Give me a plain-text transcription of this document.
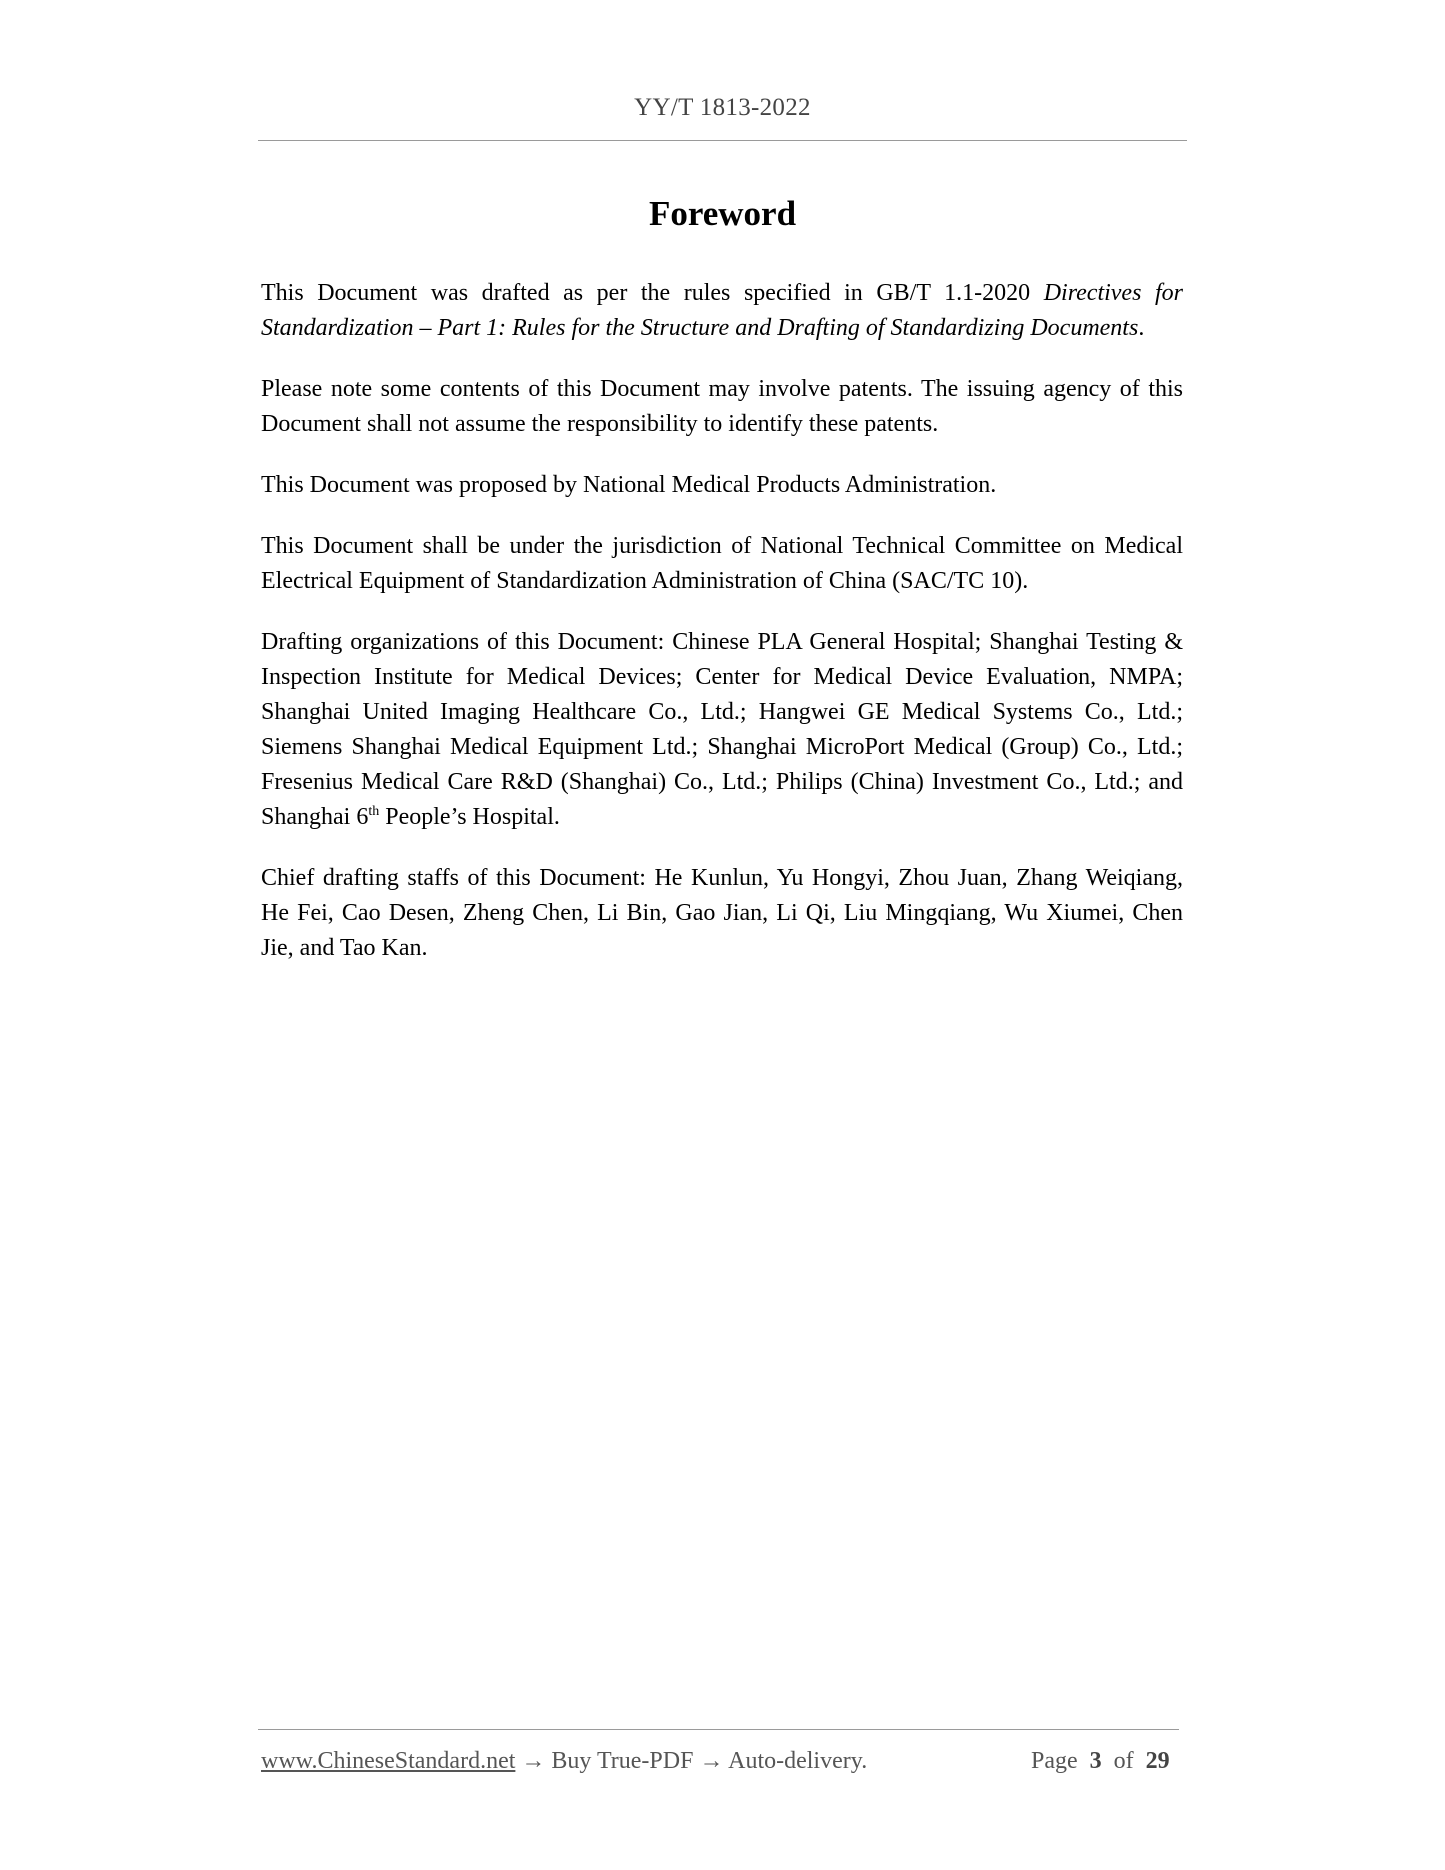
YY/T 1813-2022
Foreword

This Document was drafted as per the rules specified in GB/T 1.1-2020 Directives for Standardization – Part 1: Rules for the Structure and Drafting of Standardizing Documents.

Please note some contents of this Document may involve patents. The issuing agency of this Document shall not assume the responsibility to identify these patents.

This Document was proposed by National Medical Products Administration.

This Document shall be under the jurisdiction of National Technical Committee on Medical Electrical Equipment of Standardization Administration of China (SAC/TC 10).

Drafting organizations of this Document: Chinese PLA General Hospital; Shanghai Testing & Inspection Institute for Medical Devices; Center for Medical Device Evaluation, NMPA; Shanghai United Imaging Healthcare Co., Ltd.; Hangwei GE Medical Systems Co., Ltd.; Siemens Shanghai Medical Equipment Ltd.; Shanghai MicroPort Medical (Group) Co., Ltd.; Fresenius Medical Care R&D (Shanghai) Co., Ltd.; Philips (China) Investment Co., Ltd.; and Shanghai 6th People’s Hospital.

Chief drafting staffs of this Document: He Kunlun, Yu Hongyi, Zhou Juan, Zhang Weiqiang, He Fei, Cao Desen, Zheng Chen, Li Bin, Gao Jian, Li Qi, Liu Mingqiang, Wu Xiumei, Chen Jie, and Tao Kan.

www.ChineseStandard.net → Buy True-PDF → Auto-delivery.	Page 3 of 29
